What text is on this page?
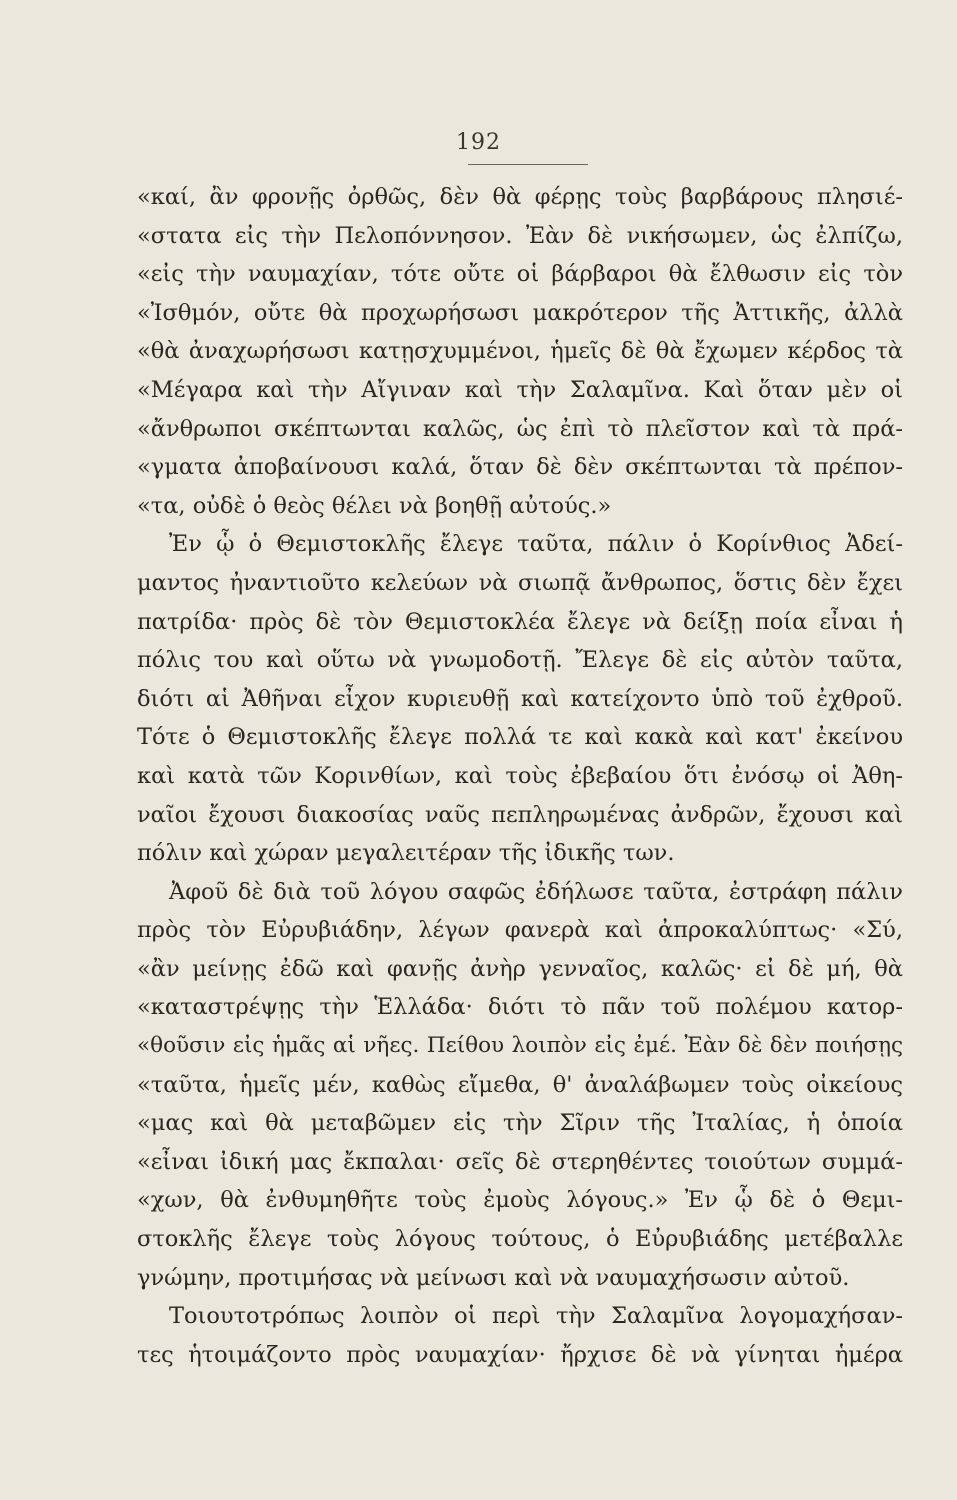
192
«καί, ἂν φρονῇς ὀρθῶς, δὲν θὰ φέρῃς τοὺς βαρβάρους πλησιέ-
«στατα εἰς τὴν Πελοπόννησον. Ἐὰν δὲ νικήσωμεν, ὡς ἐλπίζω,
«εἰς τὴν ναυμαχίαν, τότε οὔτε οἱ βάρβαροι θὰ ἔλθωσιν εἰς τὸν
«Ἰσθμόν, οὔτε θὰ προχωρήσωσι μακρότερον τῆς Ἀττικῆς, ἀλλὰ
«θὰ ἀναχωρήσωσι κατῃσχυμμένοι, ἡμεῖς δὲ θὰ ἔχωμεν κέρδος τὰ
«Μέγαρα καὶ τὴν Αἴγιναν καὶ τὴν Σαλαμῖνα. Καὶ ὅταν μὲν οἱ
«ἄνθρωποι σκέπτωνται καλῶς, ὡς ἐπὶ τὸ πλεῖστον καὶ τὰ πρά-
«γματα ἀποβαίνουσι καλά, ὅταν δὲ δὲν σκέπτωνται τὰ πρέπον-
«τα, οὐδὲ ὁ θεὸς θέλει νὰ βοηθῇ αὐτούς.»
Ἐν ᾧ ὁ Θεμιστοκλῆς ἔλεγε ταῦτα, πάλιν ὁ Κορίνθιος Ἀδεί-
μαντος ἠναντιοῦτο κελεύων νὰ σιωπᾷ ἄνθρωπος, ὅστις δὲν ἔχει
πατρίδα· πρὸς δὲ τὸν Θεμιστοκλέα ἔλεγε νὰ δείξῃ ποία εἶναι ἡ
πόλις του καὶ οὕτω νὰ γνωμοδοτῇ. Ἔλεγε δὲ εἰς αὐτὸν ταῦτα,
διότι αἱ Ἀθῆναι εἶχον κυριευθῇ καὶ κατείχοντο ὑπὸ τοῦ ἐχθροῦ.
Τότε ὁ Θεμιστοκλῆς ἔλεγε πολλά τε καὶ κακὰ καὶ κατ' ἐκείνου
καὶ κατὰ τῶν Κορινθίων, καὶ τοὺς ἐβεβαίου ὅτι ἐνόσῳ οἱ Ἀθη-
ναῖοι ἔχουσι διακοσίας ναῦς πεπληρωμένας ἀνδρῶν, ἔχουσι καὶ
πόλιν καὶ χώραν μεγαλειτέραν τῆς ἰδικῆς των.
Ἀφοῦ δὲ διὰ τοῦ λόγου σαφῶς ἐδήλωσε ταῦτα, ἐστράφη πάλιν
πρὸς τὸν Εὐρυβιάδην, λέγων φανερὰ καὶ ἀπροκαλύπτως· «Σύ,
«ἂν μείνῃς ἐδῶ καὶ φανῇς ἀνὴρ γενναῖος, καλῶς· εἰ δὲ μή, θὰ
«καταστρέψῃς τὴν Ἑλλάδα· διότι τὸ πᾶν τοῦ πολέμου κατορ-
«θοῦσιν εἰς ἡμᾶς αἱ νῆες. Πείθου λοιπὸν εἰς ἐμέ. Ἐὰν δὲ δὲν ποιήσῃς
«ταῦτα, ἡμεῖς μέν, καθὼς εἴμεθα, θ' ἀναλάβωμεν τοὺς οἰκείους
«μας καὶ θὰ μεταβῶμεν εἰς τὴν Σῖριν τῆς Ἰταλίας, ἡ ὁποία
«εἶναι ἰδική μας ἔκπαλαι· σεῖς δὲ στερηθέντες τοιούτων συμμά-
«χων, θὰ ἐνθυμηθῆτε τοὺς ἐμοὺς λόγους.» Ἐν ᾧ δὲ ὁ Θεμι-
στοκλῆς ἔλεγε τοὺς λόγους τούτους, ὁ Εὐρυβιάδης μετέβαλλε
γνώμην, προτιμήσας νὰ μείνωσι καὶ νὰ ναυμαχήσωσιν αὐτοῦ.
Τοιουτοτρόπως λοιπὸν οἱ περὶ τὴν Σαλαμῖνα λογομαχήσαν-
τες ἡτοιμάζοντο πρὸς ναυμαχίαν· ἤρχισε δὲ νὰ γίνηται ἡμέρα
